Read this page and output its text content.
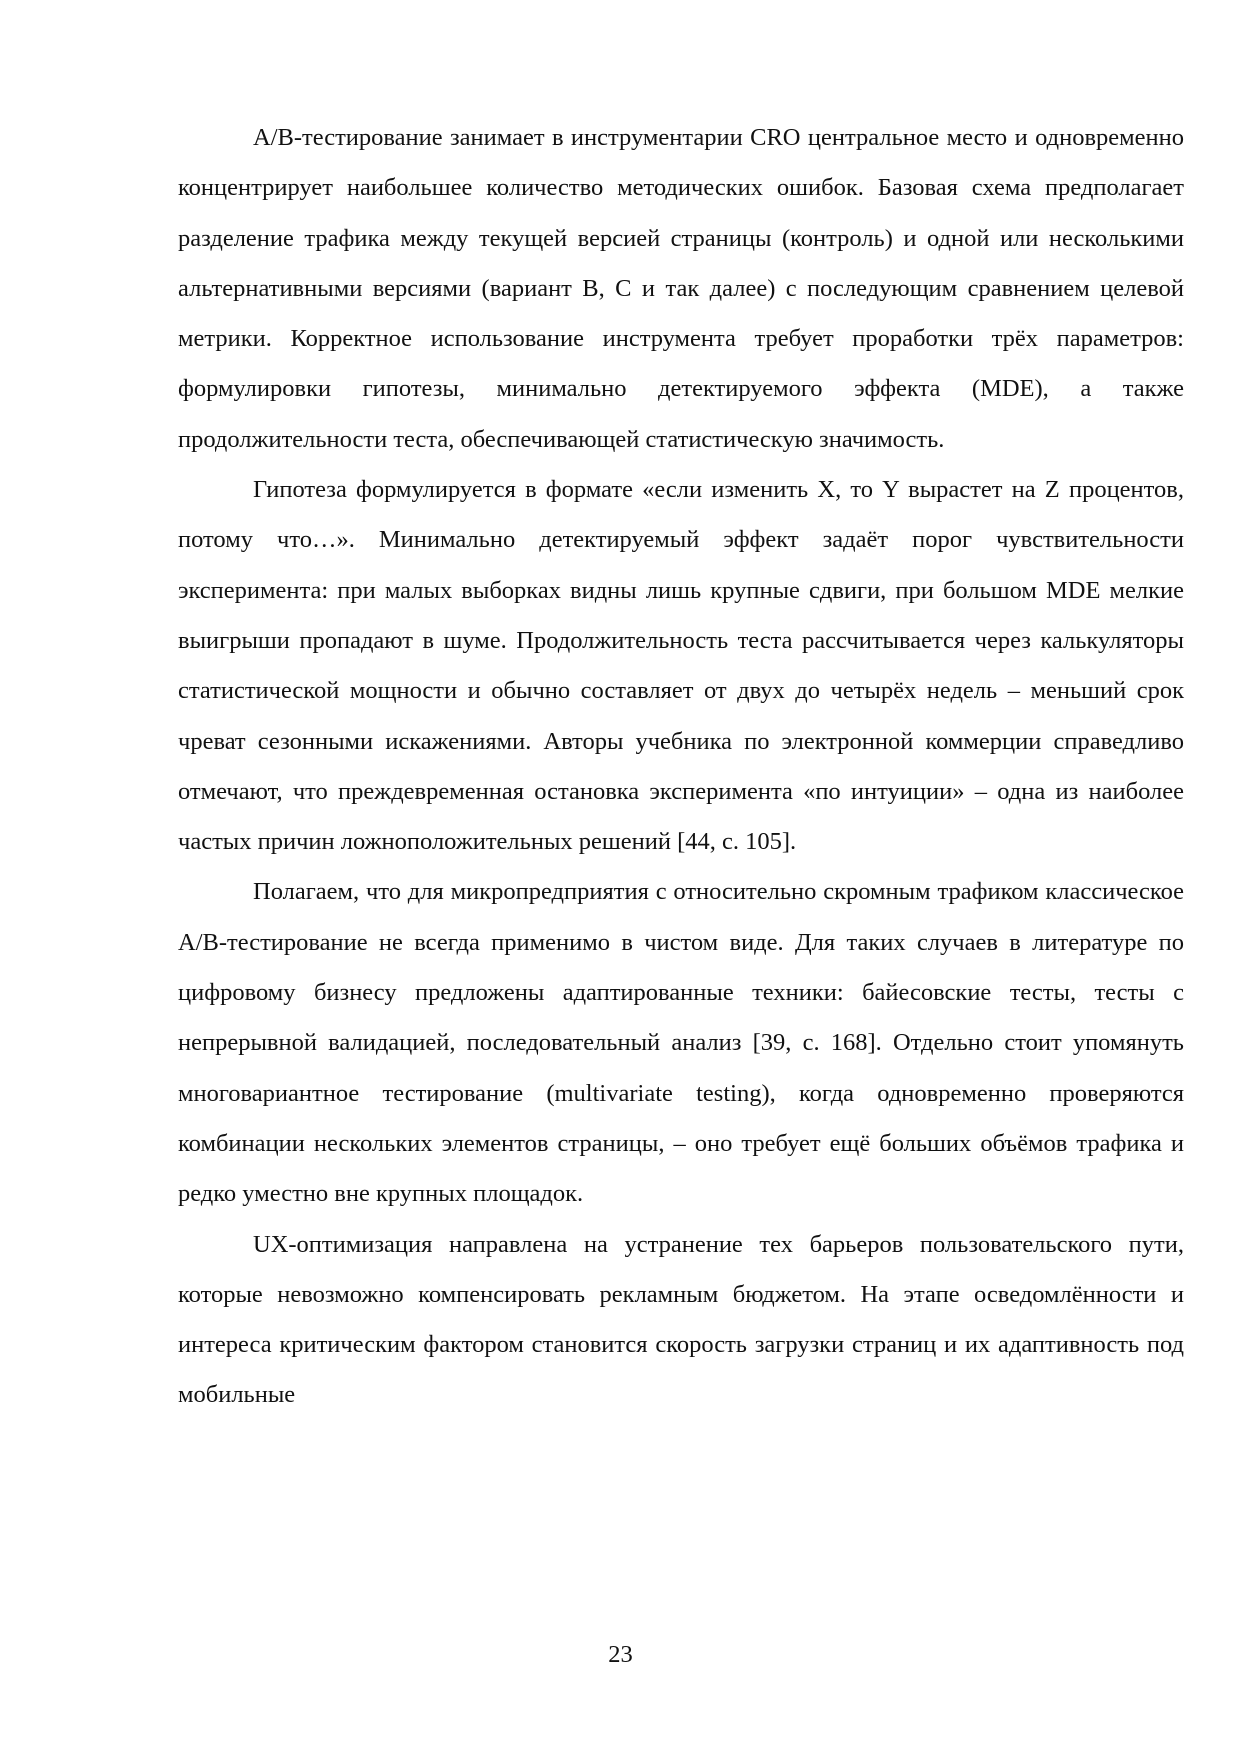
А/В-тестирование занимает в инструментарии CRO центральное место и одновременно концентрирует наибольшее количество методических ошибок. Базовая схема предполагает разделение трафика между текущей версией страницы (контроль) и одной или несколькими альтернативными версиями (вариант В, С и так далее) с последующим сравнением целевой метрики. Корректное использование инструмента требует проработки трёх параметров: формулировки гипотезы, минимально детектируемого эффекта (MDE), а также продолжительности теста, обеспечивающей статистическую значимость.

Гипотеза формулируется в формате «если изменить X, то Y вырастет на Z процентов, потому что…». Минимально детектируемый эффект задаёт порог чувствительности эксперимента: при малых выборках видны лишь крупные сдвиги, при большом MDE мелкие выигрыши пропадают в шуме. Продолжительность теста рассчитывается через калькуляторы статистической мощности и обычно составляет от двух до четырёх недель – меньший срок чреват сезонными искажениями. Авторы учебника по электронной коммерции справедливо отмечают, что преждевременная остановка эксперимента «по интуиции» – одна из наиболее частых причин ложноположительных решений [44, с. 105].

Полагаем, что для микропредприятия с относительно скромным трафиком классическое А/В-тестирование не всегда применимо в чистом виде. Для таких случаев в литературе по цифровому бизнесу предложены адаптированные техники: байесовские тесты, тесты с непрерывной валидацией, последовательный анализ [39, с. 168]. Отдельно стоит упомянуть многовариантное тестирование (multivariate testing), когда одновременно проверяются комбинации нескольких элементов страницы, – оно требует ещё больших объёмов трафика и редко уместно вне крупных площадок.

UX-оптимизация направлена на устранение тех барьеров пользовательского пути, которые невозможно компенсировать рекламным бюджетом. На этапе осведомлённости и интереса критическим фактором становится скорость загрузки страниц и их адаптивность под мобильные

23
